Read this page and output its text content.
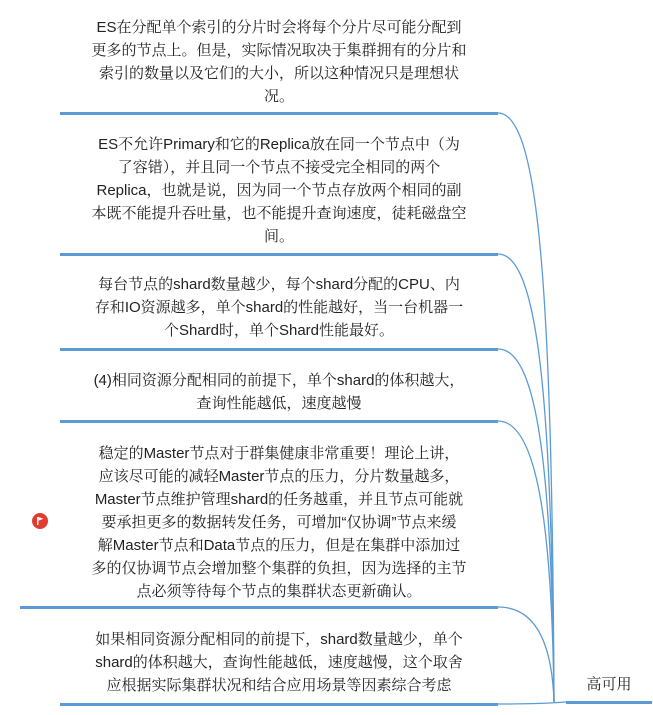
ES在分配单个索引的分片时会将每个分片尽可能分配到
更多的节点上。但是，实际情况取决于集群拥有的分片和
索引的数量以及它们的大小，所以这种情况只是理想状
况。
ES不允许Primary和它的Replica放在同一个节点中（为
了容错），并且同一个节点不接受完全相同的两个
Replica，也就是说，因为同一个节点存放两个相同的副
本既不能提升吞吐量，也不能提升查询速度，徒耗磁盘空
间。
每台节点的shard数量越少，每个shard分配的CPU、内
存和IO资源越多，单个shard的性能越好，当一台机器一
个Shard时，单个Shard性能最好。
(4)相同资源分配相同的前提下，单个shard的体积越大，
查询性能越低，速度越慢
稳定的Master节点对于群集健康非常重要！理论上讲，
应该尽可能的减轻Master节点的压力，分片数量越多，
Master节点维护管理shard的任务越重，并且节点可能就
要承担更多的数据转发任务，可增加“仅协调”节点来缓
解Master节点和Data节点的压力，但是在集群中添加过
多的仅协调节点会增加整个集群的负担，因为选择的主节
点必须等待每个节点的集群状态更新确认。
如果相同资源分配相同的前提下，shard数量越少，单个
shard的体积越大，查询性能越低，速度越慢，这个取舍
应根据实际集群状况和结合应用场景等因素综合考虑	高可用
